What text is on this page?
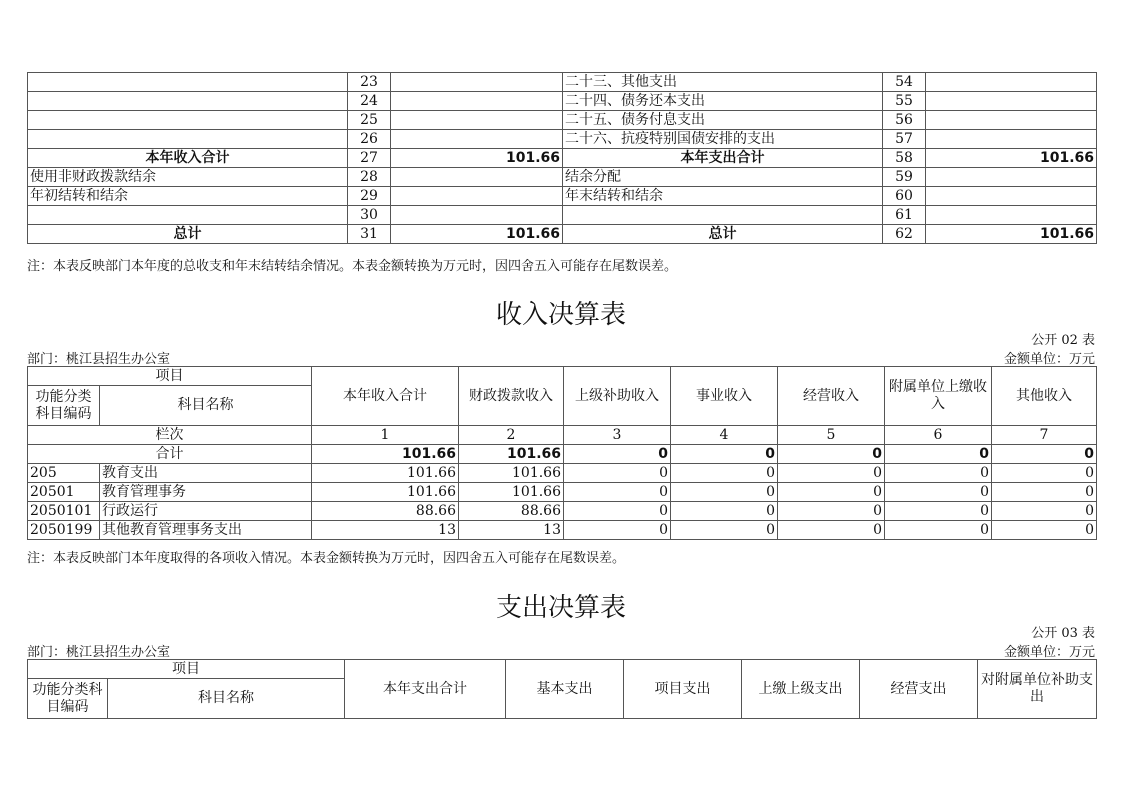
	23		二十三、其他支出	54	
	24		二十四、债务还本支出	55	
	25		二十五、债务付息支出	56	
	26		二十六、抗疫特别国债安排的支出	57	
本年收入合计	27	101.66	本年支出合计	58	101.66
使用非财政拨款结余	28		结余分配	59	
年初结转和结余	29		年末结转和结余	60	
	30			61	
总计	31	101.66	总计	62	101.66
注：本表反映部门本年度的总收支和年末结转结余情况。本表金额转换为万元时，因四舍五入可能存在尾数误差。
收入决算表
公开 02 表
部门：桃江县招生办公室	金额单位：万元
项目		本年收入合计	财政拨款收入	上级补助收入	事业收入	经营收入	附属单位上缴收入	其他收入
功能分类科目编码	科目名称							
栏次		1	2	3	4	5	6	7
合计		101.66	101.66	0	0	0	0	0
205	教育支出	101.66	101.66	0	0	0	0	0
20501	教育管理事务	101.66	101.66	0	0	0	0	0
2050101	行政运行	88.66	88.66	0	0	0	0	0
2050199	其他教育管理事务支出	13	13	0	0	0	0	0
注：本表反映部门本年度取得的各项收入情况。本表金额转换为万元时，因四舍五入可能存在尾数误差。
支出决算表
公开 03 表
部门：桃江县招生办公室	金额单位：万元
项目		本年支出合计	基本支出	项目支出	上缴上级支出	经营支出	对附属单位补助支出
功能分类科目编码	科目名称						
